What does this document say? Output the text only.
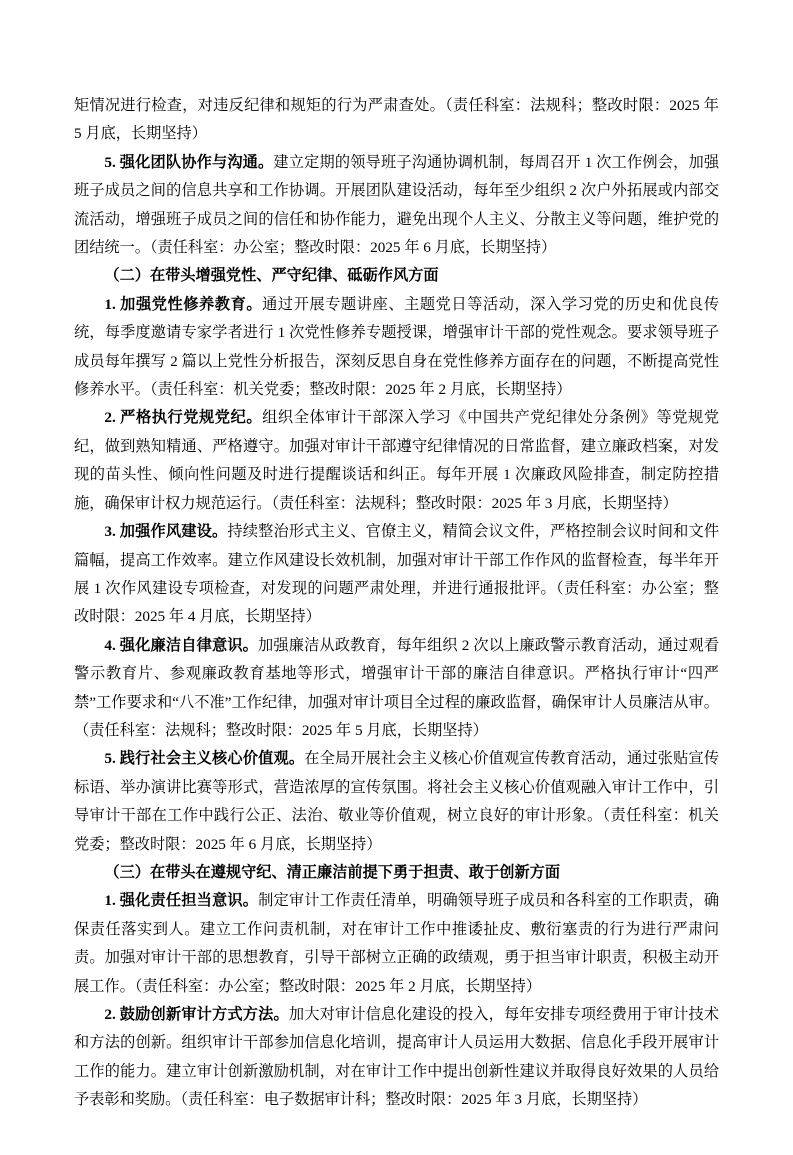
矩情况进行检查，对违反纪律和规矩的行为严肃查处。（责任科室：法规科；整改时限：2025 年 5 月底，长期坚持）

5. 强化团队协作与沟通。建立定期的领导班子沟通协调机制，每周召开 1 次工作例会，加强班子成员之间的信息共享和工作协调。开展团队建设活动，每年至少组织 2 次户外拓展或内部交流活动，增强班子成员之间的信任和协作能力，避免出现个人主义、分散主义等问题，维护党的团结统一。（责任科室：办公室；整改时限：2025 年 6 月底，长期坚持）

（二）在带头增强党性、严守纪律、砥砺作风方面

1. 加强党性修养教育。通过开展专题讲座、主题党日等活动，深入学习党的历史和优良传统，每季度邀请专家学者进行 1 次党性修养专题授课，增强审计干部的党性观念。要求领导班子成员每年撰写 2 篇以上党性分析报告，深刻反思自身在党性修养方面存在的问题，不断提高党性修养水平。（责任科室：机关党委；整改时限：2025 年 2 月底，长期坚持）

2. 严格执行党规党纪。组织全体审计干部深入学习《中国共产党纪律处分条例》等党规党纪，做到熟知精通、严格遵守。加强对审计干部遵守纪律情况的日常监督，建立廉政档案，对发现的苗头性、倾向性问题及时进行提醒谈话和纠正。每年开展 1 次廉政风险排查，制定防控措施，确保审计权力规范运行。（责任科室：法规科；整改时限：2025 年 3 月底，长期坚持）

3. 加强作风建设。持续整治形式主义、官僚主义，精简会议文件，严格控制会议时间和文件篇幅，提高工作效率。建立作风建设长效机制，加强对审计干部工作作风的监督检查，每半年开展 1 次作风建设专项检查，对发现的问题严肃处理，并进行通报批评。（责任科室：办公室；整改时限：2025 年 4 月底，长期坚持）

4. 强化廉洁自律意识。加强廉洁从政教育，每年组织 2 次以上廉政警示教育活动，通过观看警示教育片、参观廉政教育基地等形式，增强审计干部的廉洁自律意识。严格执行审计“四严禁”工作要求和“八不准”工作纪律，加强对审计项目全过程的廉政监督，确保审计人员廉洁从审。（责任科室：法规科；整改时限：2025 年 5 月底，长期坚持）

5. 践行社会主义核心价值观。在全局开展社会主义核心价值观宣传教育活动，通过张贴宣传标语、举办演讲比赛等形式，营造浓厚的宣传氛围。将社会主义核心价值观融入审计工作中，引导审计干部在工作中践行公正、法治、敬业等价值观，树立良好的审计形象。（责任科室：机关党委；整改时限：2025 年 6 月底，长期坚持）

（三）在带头在遵规守纪、清正廉洁前提下勇于担责、敢于创新方面

1. 强化责任担当意识。制定审计工作责任清单，明确领导班子成员和各科室的工作职责，确保责任落实到人。建立工作问责机制，对在审计工作中推诿扯皮、敷衍塞责的行为进行严肃问责。加强对审计干部的思想教育，引导干部树立正确的政绩观，勇于担当审计职责，积极主动开展工作。（责任科室：办公室；整改时限：2025 年 2 月底，长期坚持）

2. 鼓励创新审计方式方法。加大对审计信息化建设的投入，每年安排专项经费用于审计技术和方法的创新。组织审计干部参加信息化培训，提高审计人员运用大数据、信息化手段开展审计工作的能力。建立审计创新激励机制，对在审计工作中提出创新性建议并取得良好效果的人员给予表彰和奖励。（责任科室：电子数据审计科；整改时限：2025 年 3 月底，长期坚持）
